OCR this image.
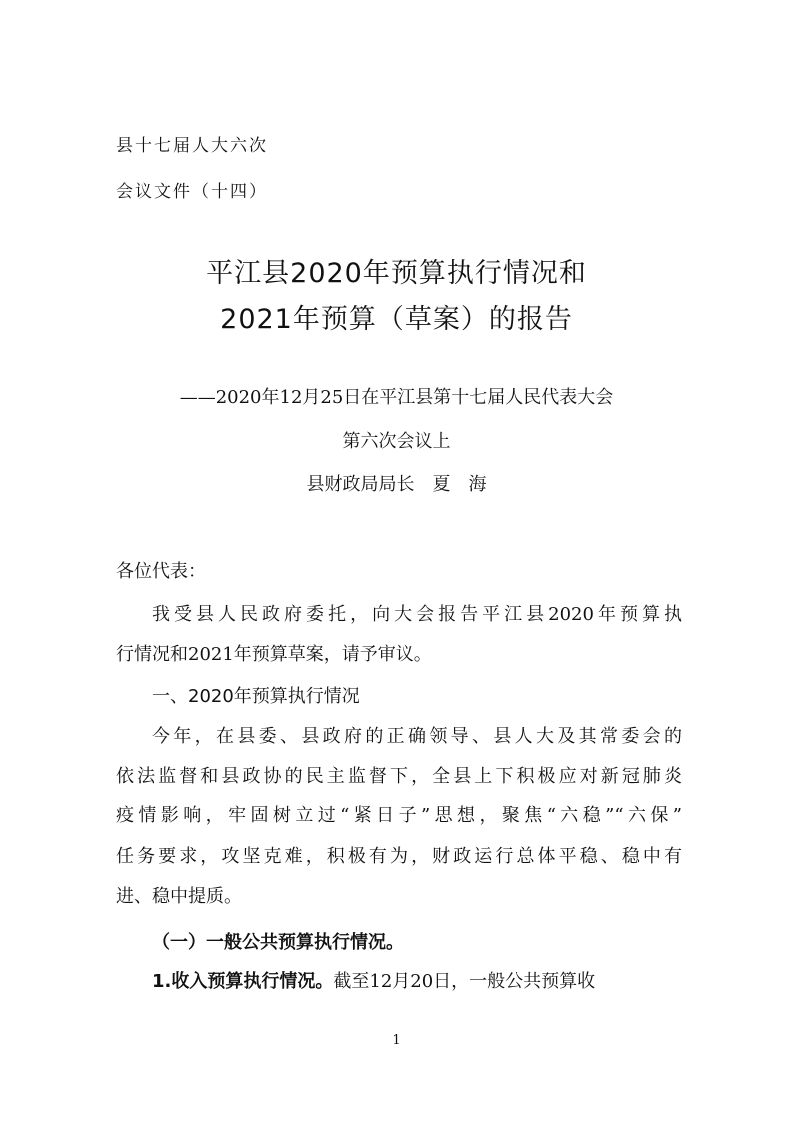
县十七届人大六次
会议文件（十四）
平江县2020年预算执行情况和
2021年预算（草案）的报告
——2020年12月25日在平江县第十七届人民代表大会
第六次会议上
县财政局局长　夏　海
各位代表：
我受县人民政府委托，向大会报告平江县2020年预算执
行情况和2021年预算草案，请予审议。
一、2020年预算执行情况
今年，在县委、县政府的正确领导、县人大及其常委会的
依法监督和县政协的民主监督下，全县上下积极应对新冠肺炎
疫情影响，牢固树立过“紧日子”思想，聚焦“六稳”“六保”
任务要求，攻坚克难，积极有为，财政运行总体平稳、稳中有
进、稳中提质。
（一）一般公共预算执行情况。
1.收入预算执行情况。截至12月20日，一般公共预算收
1
